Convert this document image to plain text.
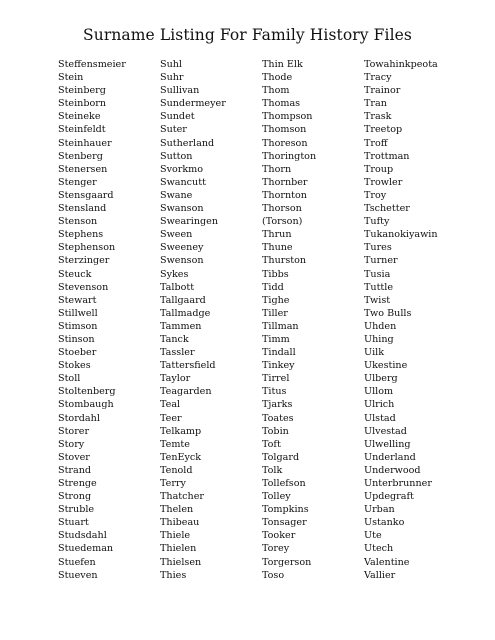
Surname Listing For Family History Files
Steffensmeier
Stein
Steinberg
Steinborn
Steineke
Steinfeldt
Steinhauer
Stenberg
Stenersen
Stenger
Stensgaard
Stensland
Stenson
Stephens
Stephenson
Sterzinger
Steuck
Stevenson
Stewart
Stillwell
Stimson
Stinson
Stoeber
Stokes
Stoll
Stoltenberg
Stombaugh
Stordahl
Storer
Story
Stover
Strand
Strenge
Strong
Struble
Stuart
Studsdahl
Stuedeman
Stuefen
Stueven
Suhl
Suhr
Sullivan
Sundermeyer
Sundet
Suter
Sutherland
Sutton
Svorkmo
Swancutt
Swane
Swanson
Swearingen
Sween
Sweeney
Swenson
Sykes
Talbott
Tallgaard
Tallmadge
Tammen
Tanck
Tassler
Tattersfield
Taylor
Teagarden
Teal
Teer
Telkamp
Temte
TenEyck
Tenold
Terry
Thatcher
Thelen
Thibeau
Thiele
Thielen
Thielsen
Thies
Thin Elk
Thode
Thom
Thomas
Thompson
Thomson
Thoreson
Thorington
Thorn
Thornber
Thornton
Thorson
(Torson)
Thrun
Thune
Thurston
Tibbs
Tidd
Tighe
Tiller
Tillman
Timm
Tindall
Tinkey
Tirrel
Titus
Tjarks
Toates
Tobin
Toft
Tolgard
Tolk
Tollefson
Tolley
Tompkins
Tonsager
Tooker
Torey
Torgerson
Toso
Towahinkpeota
Tracy
Trainor
Tran
Trask
Treetop
Troff
Trottman
Troup
Trowler
Troy
Tschetter
Tufty
Tukanokiyawin
Tures
Turner
Tusia
Tuttle
Twist
Two Bulls
Uhden
Uhing
Uilk
Ukestine
Ulberg
Ullom
Ulrich
Ulstad
Ulvestad
Ulwelling
Underland
Underwood
Unterbrunner
Updegraft
Urban
Ustanko
Ute
Utech
Valentine
Vallier
